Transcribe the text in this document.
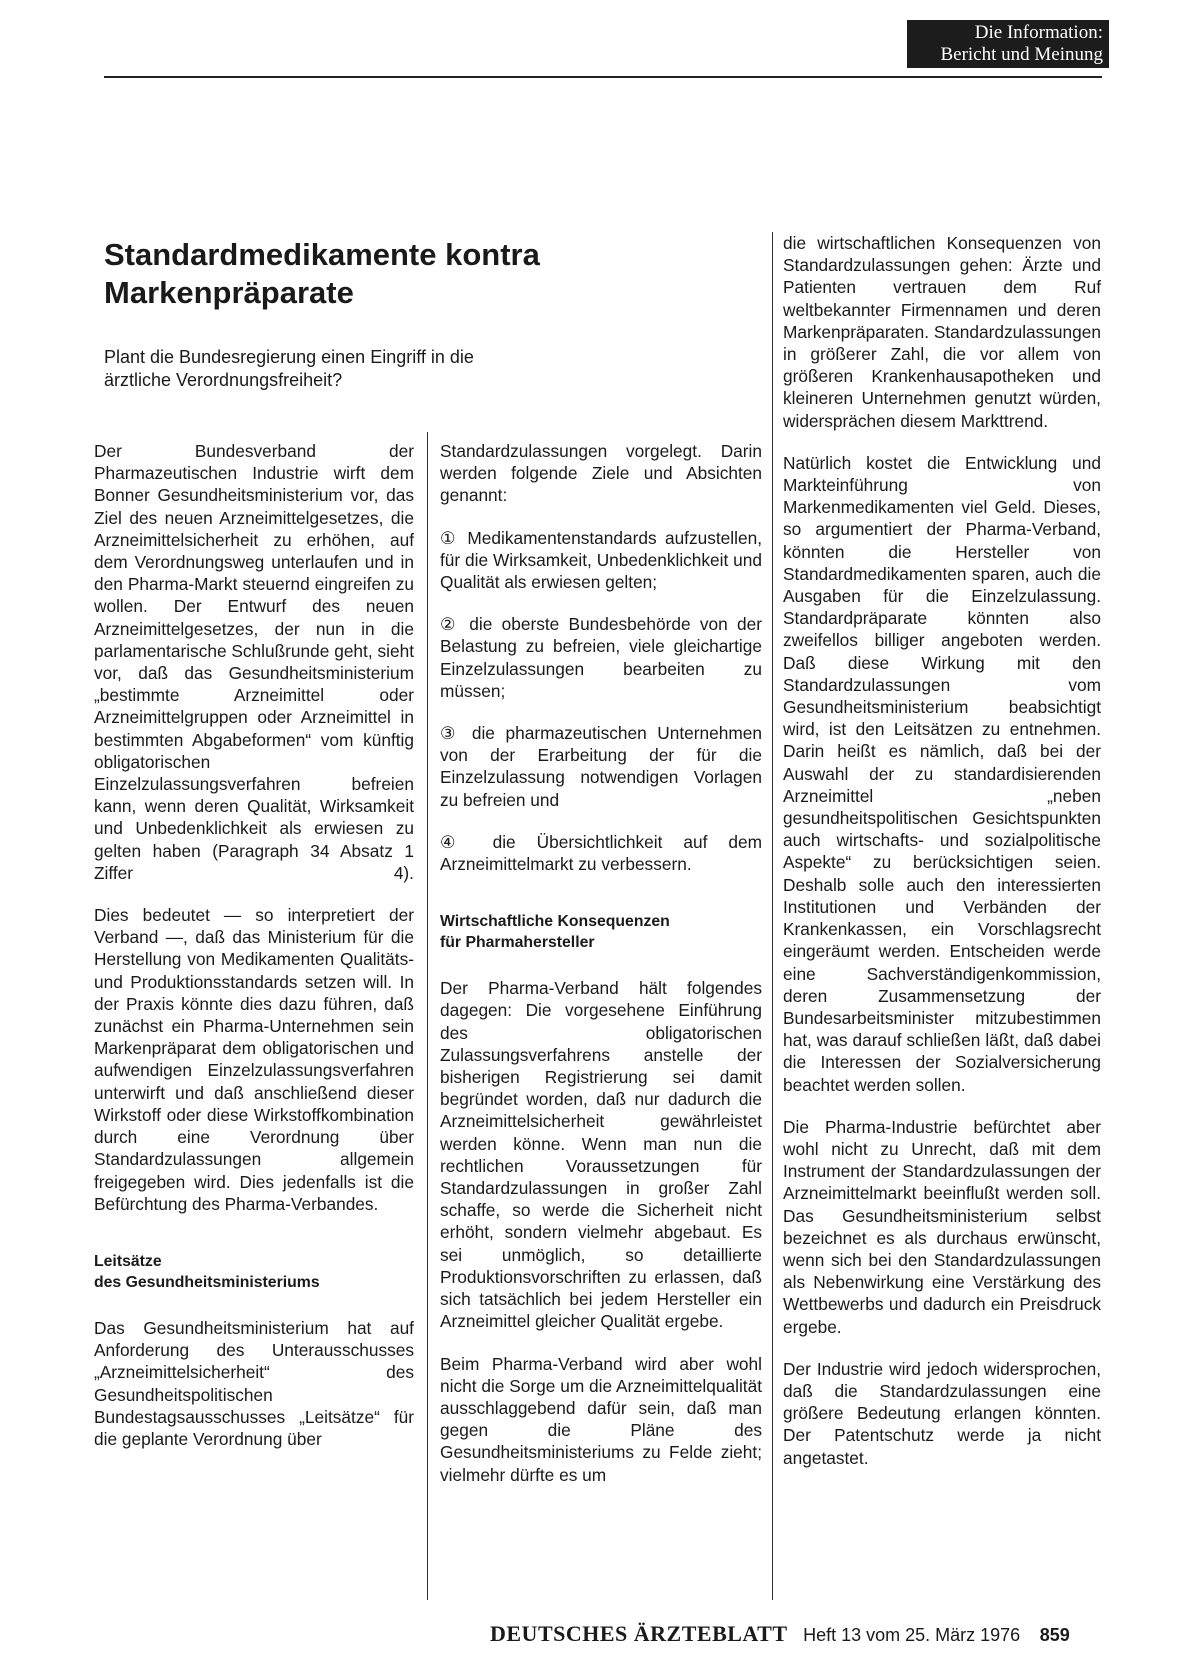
Die Information:
Bericht und Meinung
Standardmedikamente kontra
Markenpräparate
Plant die Bundesregierung einen Eingriff in die
ärztliche Verordnungsfreiheit?

Der Bundesverband der Pharmazeutischen Industrie wirft dem Bonner Gesundheitsministerium vor, das Ziel des neuen Arzneimittelgesetzes, die Arzneimittelsicherheit zu erhöhen, auf dem Verordnungsweg unterlaufen und in den Pharma-Markt steuernd eingreifen zu wollen. Der Entwurf des neuen Arzneimittelgesetzes, der nun in die parlamentarische Schlußrunde geht, sieht vor, daß das Gesundheitsministerium „bestimmte Arzneimittel oder Arzneimittelgruppen oder Arzneimittel in bestimmten Abgabeformen“ vom künftig obligatorischen Einzelzulassungsverfahren befreien kann, wenn deren Qualität, Wirksamkeit und Unbedenklichkeit als erwiesen zu gelten haben (Paragraph 34 Absatz 1 Ziffer 4).

Dies bedeutet — so interpretiert der Verband —, daß das Ministerium für die Herstellung von Medikamenten Qualitäts- und Produktionsstandards setzen will. In der Praxis könnte dies dazu führen, daß zunächst ein Pharma-Unternehmen sein Markenpräparat dem obligatorischen und aufwendigen Einzelzulassungsverfahren unterwirft und daß anschließend dieser Wirkstoff oder diese Wirkstoffkombination durch eine Verordnung über Standardzulassungen allgemein freigegeben wird. Dies jedenfalls ist die Befürchtung des Pharma-Verbandes.

Leitsätze
des Gesundheitsministeriums

Das Gesundheitsministerium hat auf Anforderung des Unterausschusses „Arzneimittelsicherheit“ des Gesundheitspolitischen Bundestagsausschusses „Leitsätze“ für die geplante Verordnung über

Standardzulassungen vorgelegt. Darin werden folgende Ziele und Absichten genannt:

① Medikamentenstandards aufzustellen, für die Wirksamkeit, Unbedenklichkeit und Qualität als erwiesen gelten;

② die oberste Bundesbehörde von der Belastung zu befreien, viele gleichartige Einzelzulassungen bearbeiten zu müssen;

③ die pharmazeutischen Unternehmen von der Erarbeitung der für die Einzelzulassung notwendigen Vorlagen zu befreien und

④ die Übersichtlichkeit auf dem Arzneimittelmarkt zu verbessern.

Wirtschaftliche Konsequenzen
für Pharmahersteller

Der Pharma-Verband hält folgendes dagegen: Die vorgesehene Einführung des obligatorischen Zulassungsverfahrens anstelle der bisherigen Registrierung sei damit begründet worden, daß nur dadurch die Arzneimittelsicherheit gewährleistet werden könne. Wenn man nun die rechtlichen Voraussetzungen für Standardzulassungen in großer Zahl schaffe, so werde die Sicherheit nicht erhöht, sondern vielmehr abgebaut. Es sei unmöglich, so detaillierte Produktionsvorschriften zu erlassen, daß sich tatsächlich bei jedem Hersteller ein Arzneimittel gleicher Qualität ergebe.

Beim Pharma-Verband wird aber wohl nicht die Sorge um die Arzneimittelqualität ausschlaggebend dafür sein, daß man gegen die Pläne des Gesundheitsministeriums zu Felde zieht; vielmehr dürfte es um

die wirtschaftlichen Konsequenzen von Standardzulassungen gehen: Ärzte und Patienten vertrauen dem Ruf weltbekannter Firmennamen und deren Markenpräparaten. Standardzulassungen in größerer Zahl, die vor allem von größeren Krankenhausapotheken und kleineren Unternehmen genutzt würden, widersprächen diesem Markttrend.

Natürlich kostet die Entwicklung und Markteinführung von Markenmedikamenten viel Geld. Dieses, so argumentiert der Pharma-Verband, könnten die Hersteller von Standardmedikamenten sparen, auch die Ausgaben für die Einzelzulassung. Standardpräparate könnten also zweifellos billiger angeboten werden. Daß diese Wirkung mit den Standardzulassungen vom Gesundheitsministerium beabsichtigt wird, ist den Leitsätzen zu entnehmen. Darin heißt es nämlich, daß bei der Auswahl der zu standardisierenden Arzneimittel „neben gesundheitspolitischen Gesichtspunkten auch wirtschafts- und sozialpolitische Aspekte“ zu berücksichtigen seien. Deshalb solle auch den interessierten Institutionen und Verbänden der Krankenkassen, ein Vorschlagsrecht eingeräumt werden. Entscheiden werde eine Sachverständigenkommission, deren Zusammensetzung der Bundesarbeitsminister mitzubestimmen hat, was darauf schließen läßt, daß dabei die Interessen der Sozialversicherung beachtet werden sollen.

Die Pharma-Industrie befürchtet aber wohl nicht zu Unrecht, daß mit dem Instrument der Standardzulassungen der Arzneimittelmarkt beeinflußt werden soll. Das Gesundheitsministerium selbst bezeichnet es als durchaus erwünscht, wenn sich bei den Standardzulassungen als Nebenwirkung eine Verstärkung des Wettbewerbs und dadurch ein Preisdruck ergebe.

Der Industrie wird jedoch widersprochen, daß die Standardzulassungen eine größere Bedeutung erlangen könnten. Der Patentschutz werde ja nicht angetastet.

DEUTSCHES ÄRZTEBLATT Heft 13 vom 25. März 1976 859
